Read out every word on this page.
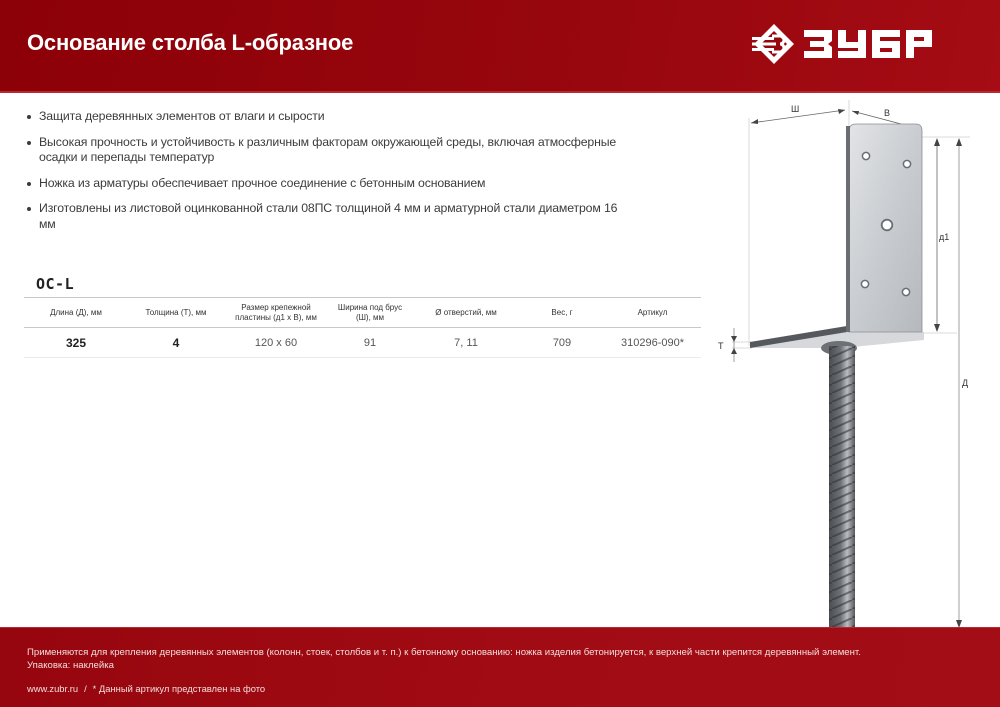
Основание столба L-образное
Защита деревянных элементов от влаги и сырости
Высокая прочность и устойчивость к различным факторам окружающей среды, включая атмосферные осадки и перепады температур
Ножка из арматуры обеспечивает прочное соединение с бетонным основанием
Изготовлены из листовой оцинкованной стали 08ПС толщиной 4 мм и арматурной стали диаметром 16 мм
ОС-L
Длина (Д), мм	Толщина (Т), мм	Размер крепежной пластины (д1 х В), мм	Ширина под брус (Ш), мм	Ø отверстий, мм	Вес, г	Артикул
325	4	120 х 60	91	7, 11	709	310296-090*
Ш	В
д1
Д
Т
Применяются для крепления деревянных элементов (колонн, стоек, столбов и т. п.) к бетонному основанию: ножка изделия бетонируется, к верхней части крепится деревянный элемент.
Упаковка: наклейка
www.zubr.ru / * Данный артикул представлен на фото
